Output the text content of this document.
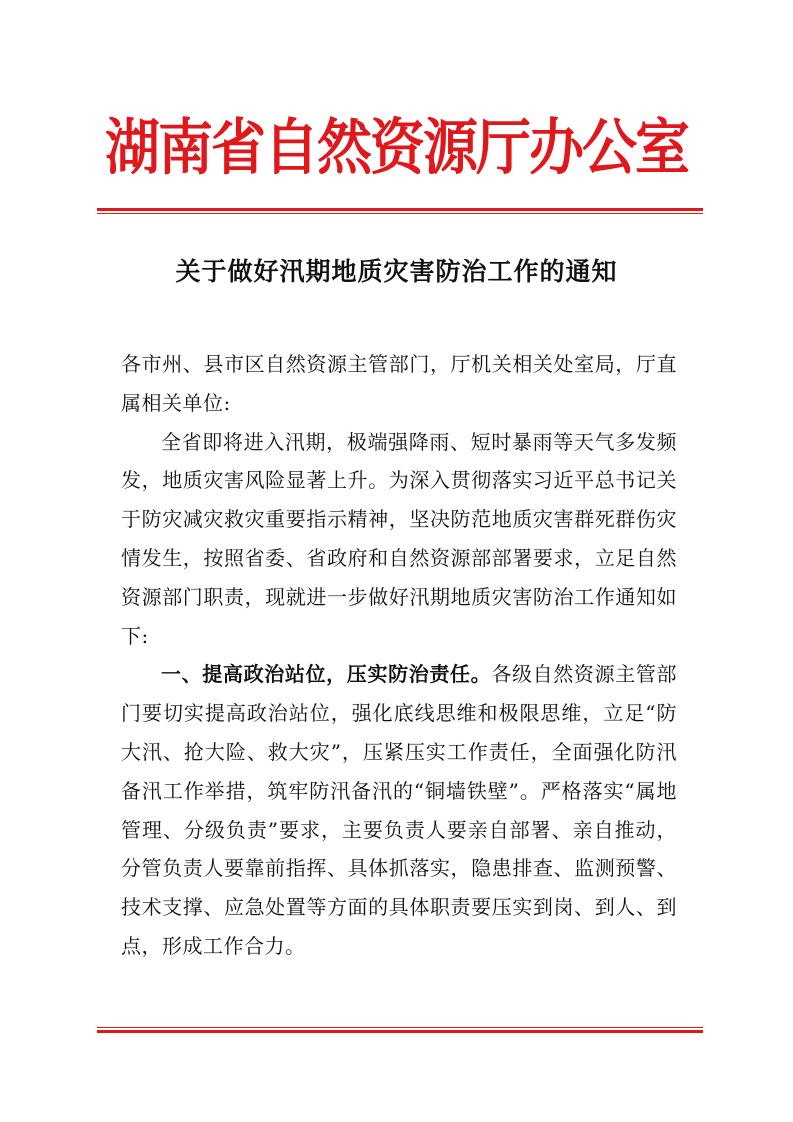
湖南省自然资源厅办公室
关于做好汛期地质灾害防治工作的通知

各市州、县市区自然资源主管部门，厅机关相关处室局，厅直属相关单位:

全省即将进入汛期，极端强降雨、短时暴雨等天气多发频发，地质灾害风险显著上升。为深入贯彻落实习近平总书记关于防灾减灾救灾重要指示精神，坚决防范地质灾害群死群伤灾情发生，按照省委、省政府和自然资源部部署要求，立足自然资源部门职责，现就进一步做好汛期地质灾害防治工作通知如下:

一、提高政治站位，压实防治责任。各级自然资源主管部门要切实提高政治站位，强化底线思维和极限思维，立足“防大汛、抢大险、救大灾”，压紧压实工作责任，全面强化防汛备汛工作举措，筑牢防汛备汛的“铜墙铁壁”。严格落实“属地管理、分级负责”要求，主要负责人要亲自部署、亲自推动，分管负责人要靠前指挥、具体抓落实，隐患排查、监测预警、技术支撑、应急处置等方面的具体职责要压实到岗、到人、到点，形成工作合力。
